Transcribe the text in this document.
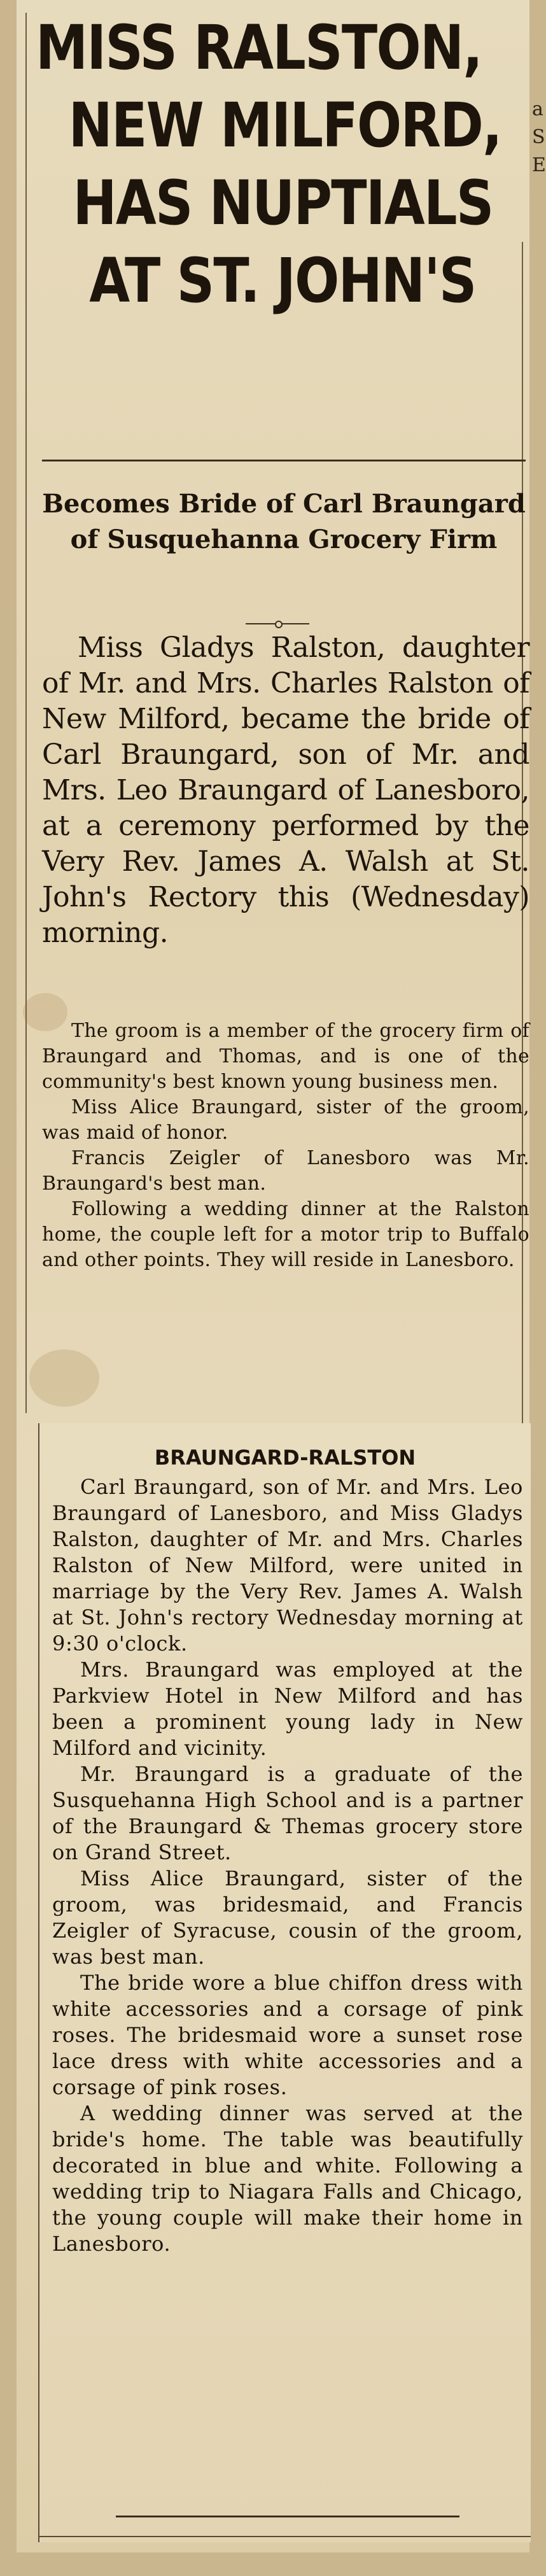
MISS RALSTON,
NEW MILFORD,
HAS NUPTIALS
AT ST. JOHN'S
Becomes Bride of Carl Braungard of Susquehanna Grocery Firm
Miss Gladys Ralston, daughter of Mr. and Mrs. Charles Ralston of New Milford, became the bride of Carl Braungard, son of Mr. and Mrs. Leo Braungard of Lanesboro, at a ceremony performed by the Very Rev. James A. Walsh at St. John's Rectory this (Wednesday) morning.

The groom is a member of the grocery firm of Braungard and Thomas, and is one of the community's best known young business men.

Miss Alice Braungard, sister of the groom, was maid of honor.

Francis Zeigler of Lanesboro was Mr. Braungard's best man.

Following a wedding dinner at the Ralston home, the couple left for a motor trip to Buffalo and other points. They will reside in Lanesboro.

BRAUNGARD-RALSTON

Carl Braungard, son of Mr. and Mrs. Leo Braungard of Lanesboro, and Miss Gladys Ralston, daughter of Mr. and Mrs. Charles Ralston of New Milford, were united in marriage by the Very Rev. James A. Walsh at St. John's rectory Wednesday morning at 9:30 o'clock.

Mrs. Braungard was employed at the Parkview Hotel in New Milford and has been a prominent young lady in New Milford and vicinity.

Mr. Braungard is a graduate of the Susquehanna High School and is a partner of the Braungard & Themas grocery store on Grand Street.

Miss Alice Braungard, sister of the groom, was bridesmaid, and Francis Zeigler of Syracuse, cousin of the groom, was best man.

The bride wore a blue chiffon dress with white accessories and a corsage of pink roses. The bridesmaid wore a sunset rose lace dress with white accessories and a corsage of pink roses.

A wedding dinner was served at the bride's home. The table was beautifully decorated in blue and white. Following a wedding trip to Niagara Falls and Chicago, the young couple will make their home in Lanesboro.

a
S
E
